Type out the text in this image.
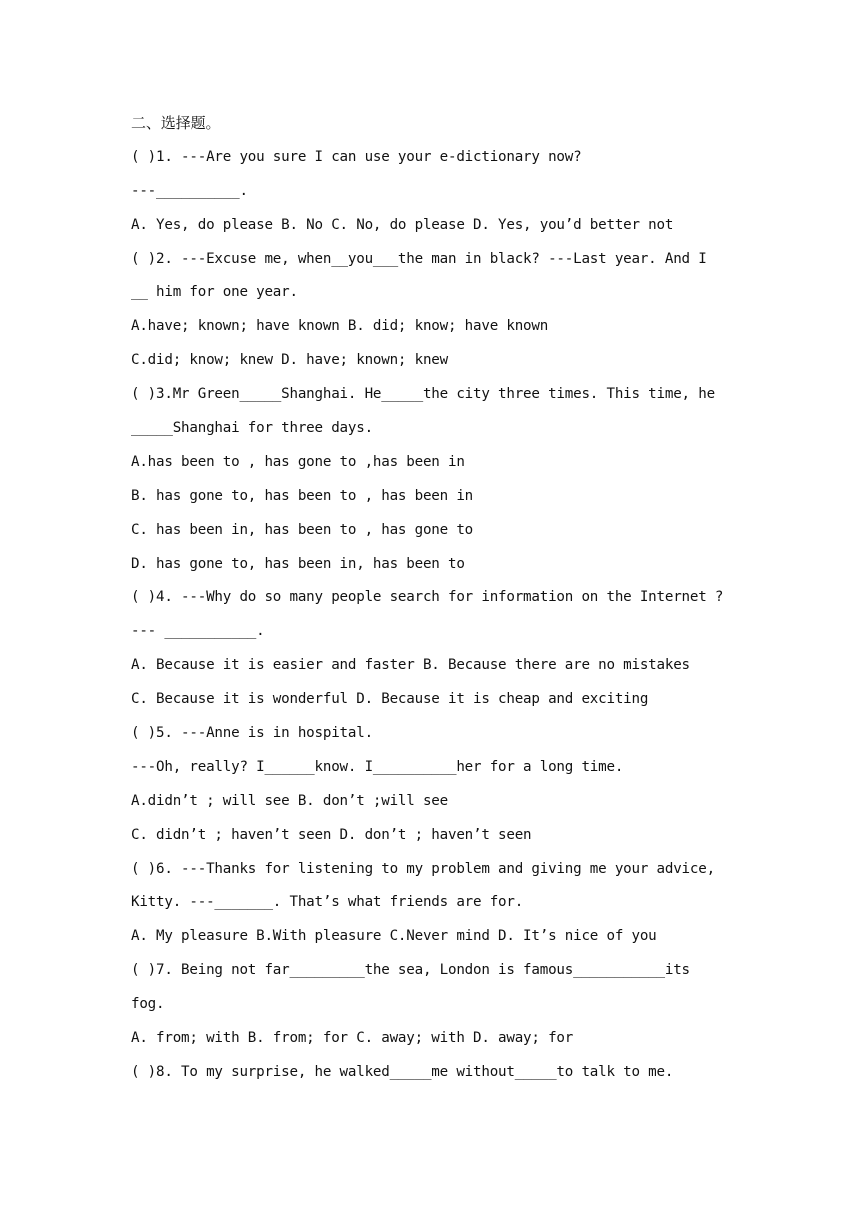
二、选择题。
( )1. ---Are you sure I can use your e-dictionary now?
---__________.
A. Yes, do please B. No C. No, do please D. Yes, you’d better not
( )2. ---Excuse me, when__you___the man in black? ---Last year. And I
__ him for one year.
A.have; known; have known B. did; know; have known
C.did; know; knew D. have; known; knew
( )3.Mr Green_____Shanghai. He_____the city three times. This time, he
_____Shanghai for three days.
A.has been to , has gone to ,has been in
B. has gone to, has been to , has been in
C. has been in, has been to , has gone to
D. has gone to, has been in, has been to
( )4. ---Why do so many people search for information on the Internet ?
--- ___________.
A. Because it is easier and faster B. Because there are no mistakes
C. Because it is wonderful D. Because it is cheap and exciting
( )5. ---Anne is in hospital.
---Oh, really? I______know. I__________her for a long time.
A.didn’t ; will see B. don’t ;will see
C. didn’t ; haven’t seen D. don’t ; haven’t seen
( )6. ---Thanks for listening to my problem and giving me your advice,
Kitty. ---_______. That’s what friends are for.
A. My pleasure B.With pleasure C.Never mind D. It’s nice of you
( )7. Being not far_________the sea, London is famous___________its
fog.
A. from; with B. from; for C. away; with D. away; for
( )8. To my surprise, he walked_____me without_____to talk to me.
